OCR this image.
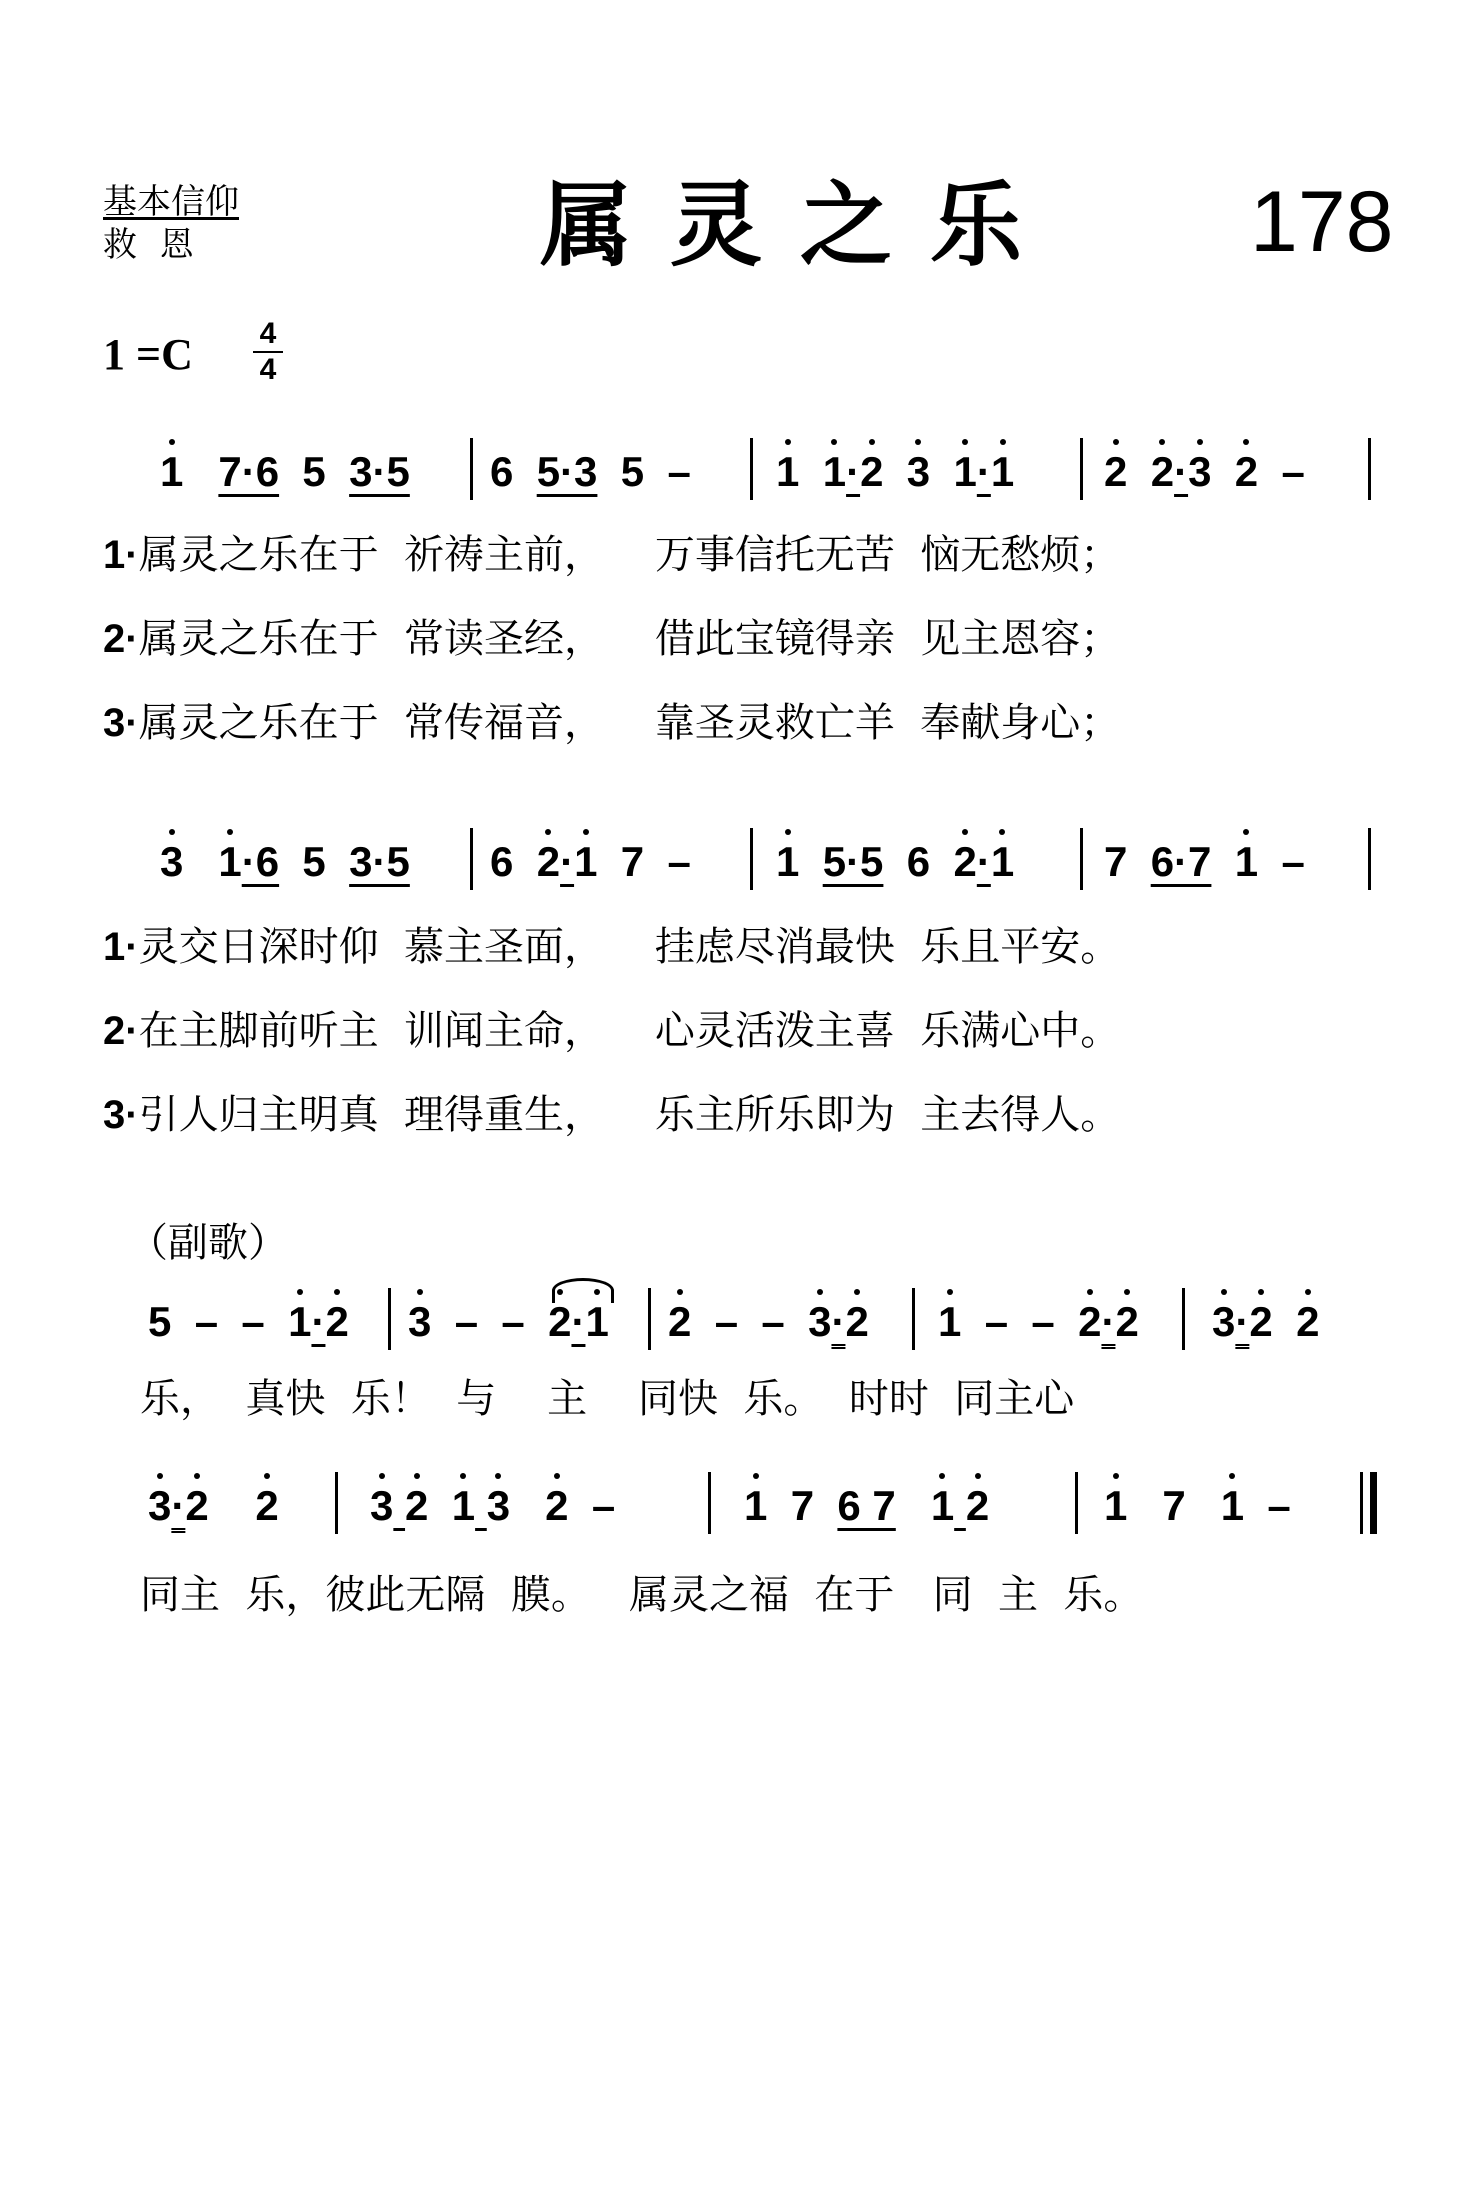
基本信仰
救 恩	属灵之乐 178
1 =C 4
4
1 7·6  5  3·5 6  5·3  5  – 1 1·2 3 1·1 2 2·3 2  –
1·属灵之乐在于  祈祷主前，    万事信托无苦  恼无愁烦；
2·属灵之乐在于  常读圣经，    借此宝镜得亲  见主恩容；
3·属灵之乐在于  常传福音，    靠圣灵救亡羊  奉献身心；
3 1·6  5  3·5 6  2·1  7  – 1 5·5  6  2·1 7  6·7 1  –
1·灵交日深时仰  慕主圣面，    挂虑尽消最快  乐且平安。
2·在主脚前听主  训闻主命，    心灵活泼主喜  乐满心中。
3·引人归主明真  理得重生，    乐主所乐即为  主去得人。
（副歌）
5  –  –  1·2 3  –  –  2·1 2  –  –  3·2 1  –  –  2·2 3·2 2
乐，  真快  乐！  与    主    同快  乐。  时时  同主心
3·2 2 3 2 1 3 2  –	1  7  6 7 1 2	1   7   1  –
同主  乐，彼此无隔  膜。   属灵之福  在于   同  主  乐。
